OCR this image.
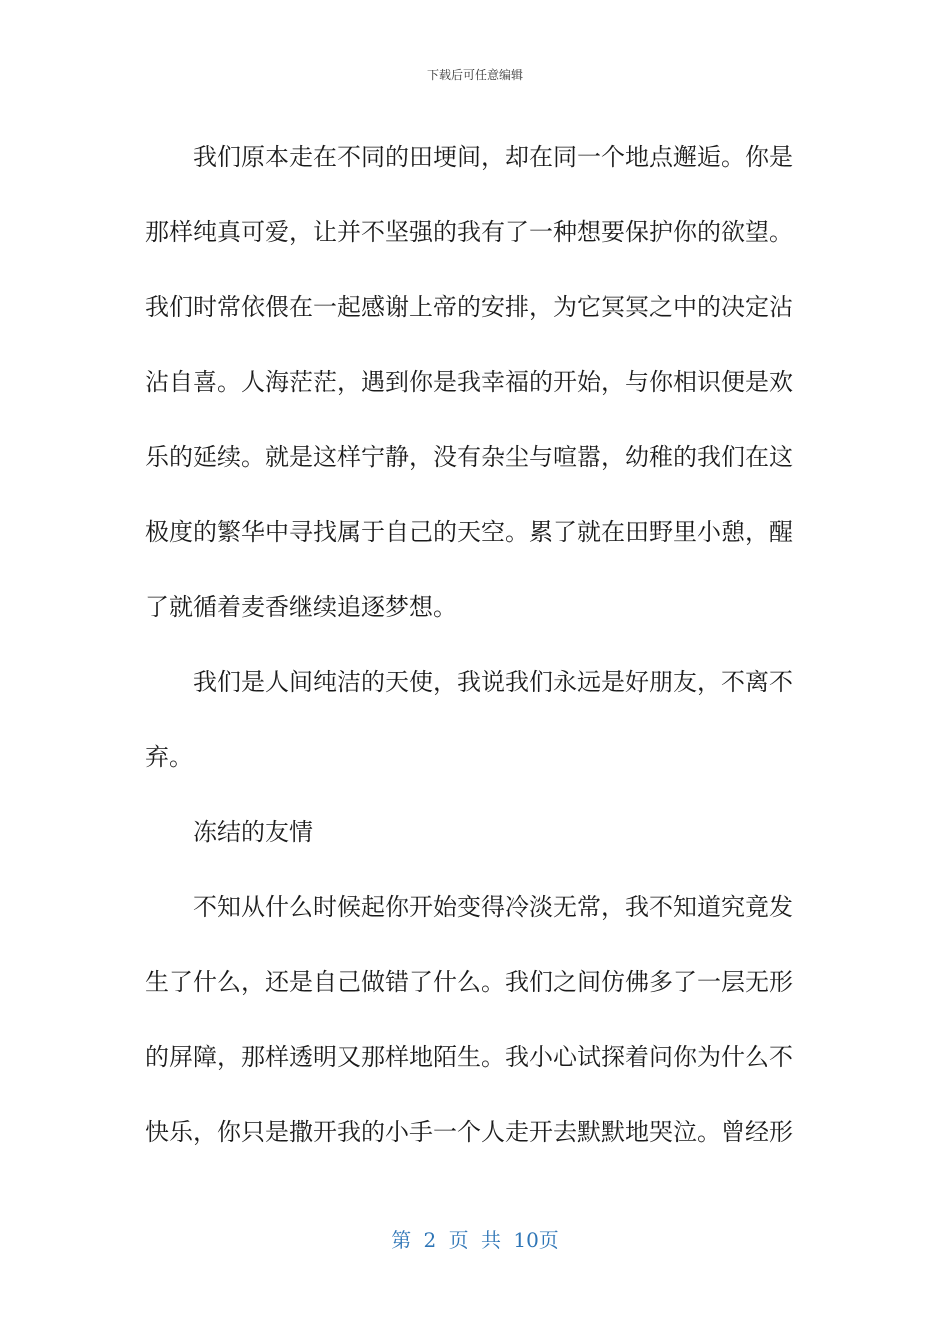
下载后可任意编辑
我们原本走在不同的田埂间，却在同一个地点邂逅。你是
那样纯真可爱，让并不坚强的我有了一种想要保护你的欲望。
我们时常依偎在一起感谢上帝的安排，为它冥冥之中的决定沾
沾自喜。人海茫茫，遇到你是我幸福的开始，与你相识便是欢
乐的延续。就是这样宁静，没有杂尘与喧嚣，幼稚的我们在这
极度的繁华中寻找属于自己的天空。累了就在田野里小憩，醒
了就循着麦香继续追逐梦想。
我们是人间纯洁的天使，我说我们永远是好朋友，不离不
弃。
冻结的友情
不知从什么时候起你开始变得冷淡无常，我不知道究竟发
生了什么，还是自己做错了什么。我们之间仿佛多了一层无形
的屏障，那样透明又那样地陌生。我小心试探着问你为什么不
快乐，你只是撒开我的小手一个人走开去默默地哭泣。曾经形
第 2 页 共 10页
